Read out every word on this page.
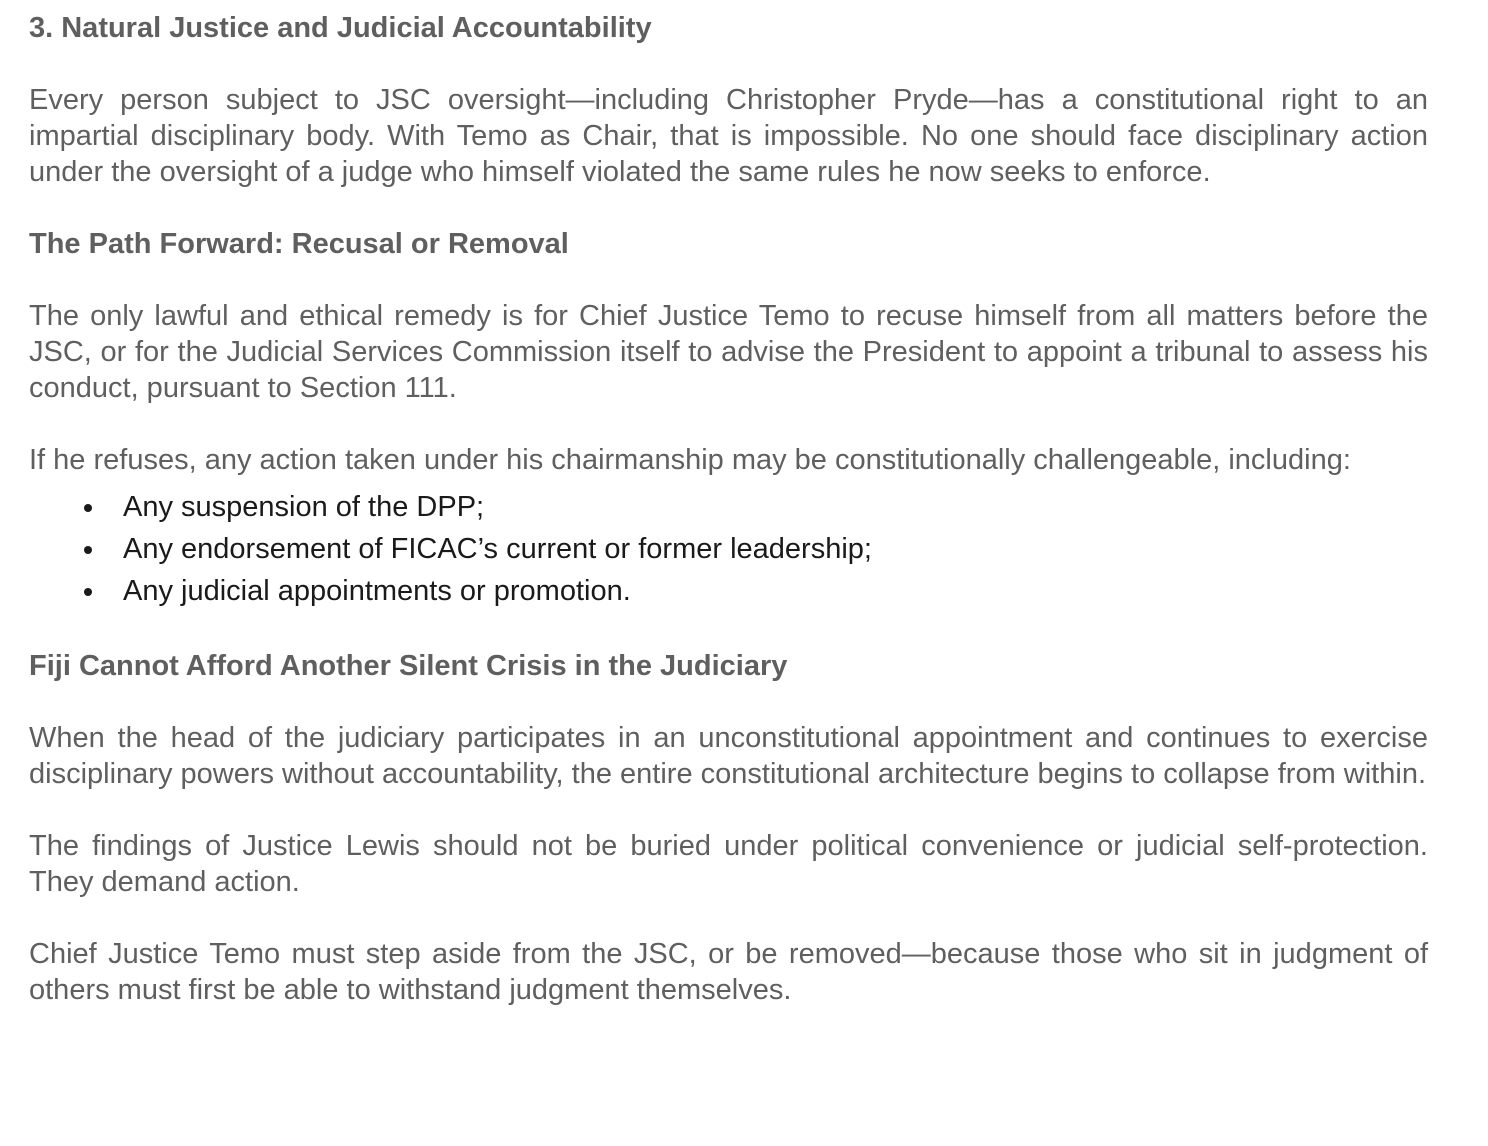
3. Natural Justice and Judicial Accountability

Every person subject to JSC oversight—including Christopher Pryde—has a constitutional right to an impartial disciplinary body. With Temo as Chair, that is impossible. No one should face disciplinary action under the oversight of a judge who himself violated the same rules he now seeks to enforce.

The Path Forward: Recusal or Removal

The only lawful and ethical remedy is for Chief Justice Temo to recuse himself from all matters before the JSC, or for the Judicial Services Commission itself to advise the President to appoint a tribunal to assess his conduct, pursuant to Section 111.

If he refuses, any action taken under his chairmanship may be constitutionally challengeable, including:

Any suspension of the DPP;
Any endorsement of FICAC’s current or former leadership;
Any judicial appointments or promotion.

Fiji Cannot Afford Another Silent Crisis in the Judiciary

When the head of the judiciary participates in an unconstitutional appointment and continues to exercise disciplinary powers without accountability, the entire constitutional architecture begins to collapse from within.

The findings of Justice Lewis should not be buried under political convenience or judicial self-protection. They demand action.

Chief Justice Temo must step aside from the JSC, or be removed—because those who sit in judgment of others must first be able to withstand judgment themselves.
